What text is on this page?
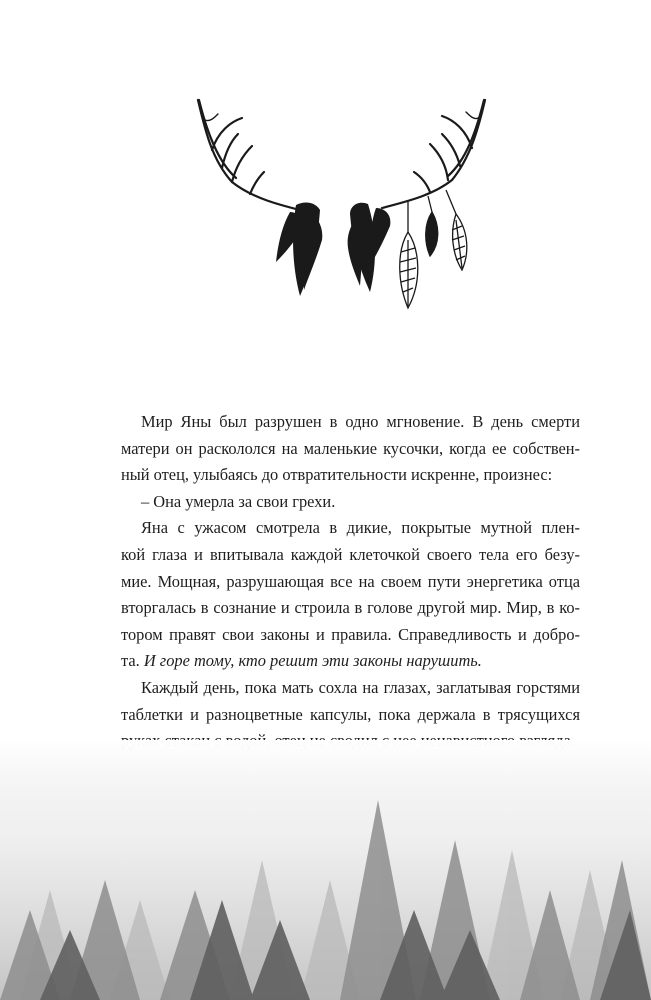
Мир Яны был разрушен в одно мгновение. В день смерти
матери он раскололся на маленькие кусочки, когда ее собствен-
ный отец, улыбаясь до отвратительности искренне, произнес:

– Она умерла за свои грехи.

Яна с ужасом смотрела в дикие, покрытые мутной плен-
кой глаза и впитывала каждой клеточкой своего тела его безу-
мие. Мощная, разрушающая все на своем пути энергетика отца
вторгалась в сознание и строила в голове другой мир. Мир, в ко-
тором правят свои законы и правила. Справедливость и добро-
та. И горе тому, кто решит эти законы нарушить.

Каждый день, пока мать сохла на глазах, заглатывая горстями
таблетки и разноцветные капсулы, пока держала в трясущихся
